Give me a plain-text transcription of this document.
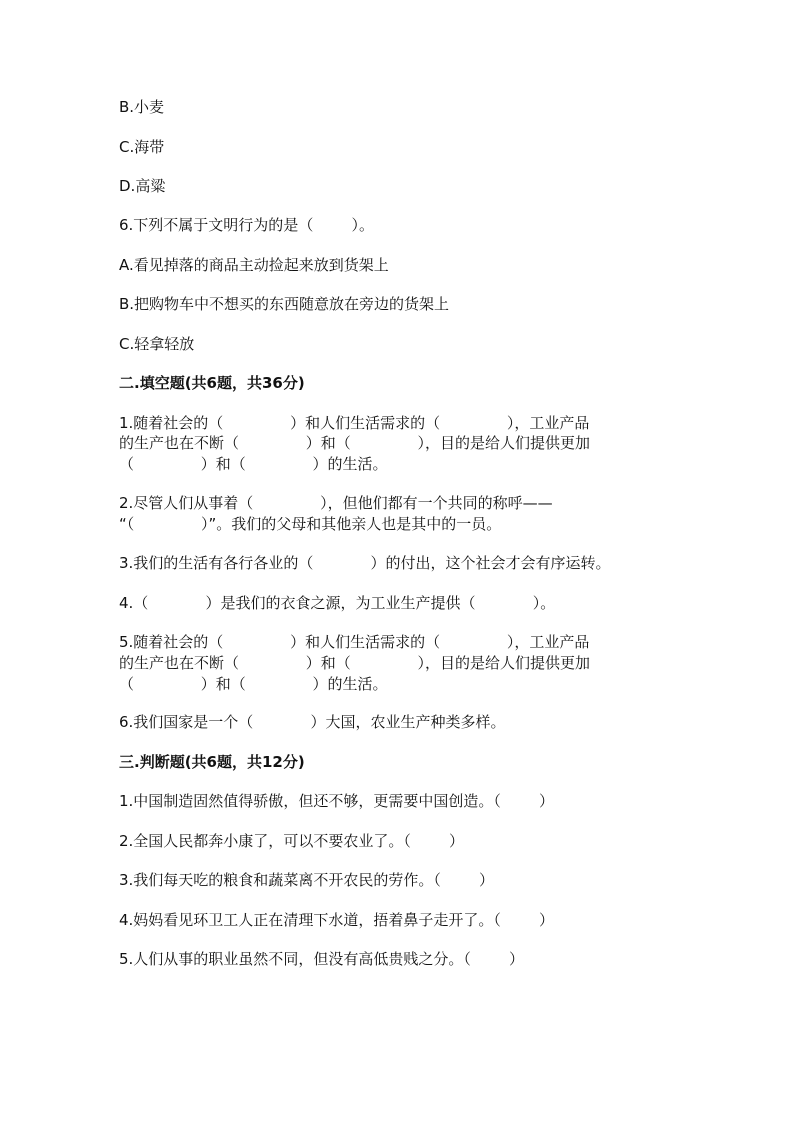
B.小麦
C.海带
D.高粱
6.下列不属于文明行为的是（        ）。
A.看见掉落的商品主动捡起来放到货架上
B.把购物车中不想买的东西随意放在旁边的货架上
C.轻拿轻放
二.填空题(共6题，共36分)
1.随着社会的（              ）和人们生活需求的（              ），工业产品
的生产也在不断（              ）和（              ），目的是给人们提供更加
（              ）和（              ）的生活。
2.尽管人们从事着（              ），但他们都有一个共同的称呼——
“（              ）”。我们的父母和其他亲人也是其中的一员。
3.我们的生活有各行各业的（            ）的付出，这个社会才会有序运转。
4.（            ）是我们的衣食之源，为工业生产提供（            ）。
5.随着社会的（              ）和人们生活需求的（              ），工业产品
的生产也在不断（              ）和（              ），目的是给人们提供更加
（              ）和（              ）的生活。
6.我们国家是一个（            ）大国，农业生产种类多样。
三.判断题(共6题，共12分)
1.中国制造固然值得骄傲，但还不够，更需要中国创造。（        ）
2.全国人民都奔小康了，可以不要农业了。（        ）
3.我们每天吃的粮食和蔬菜离不开农民的劳作。（        ）
4.妈妈看见环卫工人正在清理下水道，捂着鼻子走开了。（        ）
5.人们从事的职业虽然不同，但没有高低贵贱之分。（        ）
